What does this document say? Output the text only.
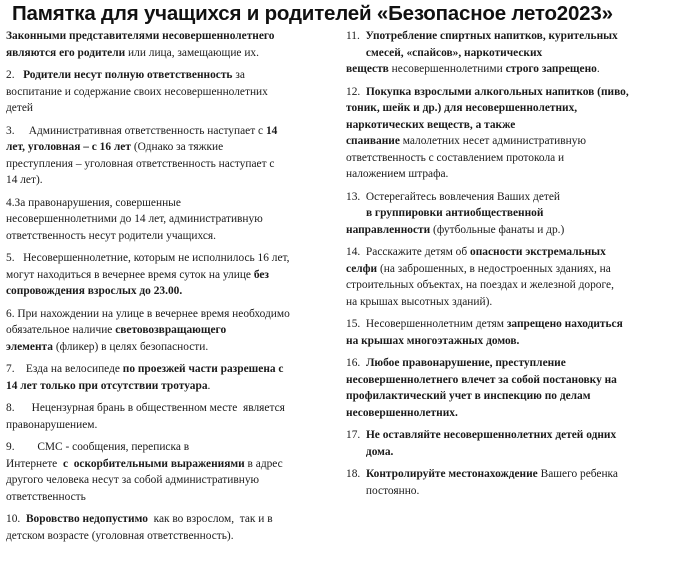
Памятка для учащихся и родителей «Безопасное лето2023»
Законными представителями несовершеннолетнего
являются его родители или лица, замещающие их.
2.   Родители несут полную ответственность за
воспитание и содержание своих несовершеннолетних
детей
3.     Административная ответственность наступает с 14
лет, уголовная – с 16 лет (Однако за тяжкие
преступления – уголовная ответственность наступает с
14 лет).
4.За правонарушения, совершенные
несовершеннолетними до 14 лет, административную
ответственность несут родители учащихся.
5.   Несовершеннолетние, которым не исполнилось 16 лет,
могут находиться в вечернее время суток на улице без
сопровождения взрослых до 23.00.
6. При нахождении на улице в вечернее время необходимо
обязательное наличие световозвращающего
элемента (фликер) в целях безопасности.
7.    Езда на велосипеде по проезжей части разрешена с
14 лет только при отсутствии тротуара.
8.      Нецензурная брань в общественном месте  является
правонарушением.
9.        СМС - сообщения, переписка в
Интернете  с  оскорбительными выражениями в адрес
другого человека несут за собой административную
ответственность
10.  Воровство недопустимо  как во взрослом,  так и в
детском возрасте (уголовная ответственность).
11.  Употребление спиртных напитков, курительных
смесей, «спайсов», наркотических
веществ несовершеннолетними строго запрещено.
12.  Покупка взрослыми алкогольных напитков (пиво,
тоник, шейк и др.) для несовершеннолетних,
наркотических веществ, а также
спаивание малолетних несет административную
ответственность с составлением протокола и
наложением штрафа.
13.  Остерегайтесь вовлечения Ваших детей
в группировки антиобщественной
направленности (футбольные фанаты и др.)
14.  Расскажите детям об опасности экстремальных
селфи (на заброшенных, в недостроенных зданиях, на
строительных объектах, на поездах и железной дороге,
на крышах высотных зданий).
15.  Несовершеннолетним детям запрещено находиться
на крышах многоэтажных домов.
16.  Любое правонарушение, преступление
несовершеннолетнего влечет за собой постановку на
профилактический учет в инспекцию по делам
несовершеннолетних.
17.  Не оставляйте несовершеннолетних детей одних
дома.
18.  Контролируйте местонахождение Вашего ребенка
постоянно.
